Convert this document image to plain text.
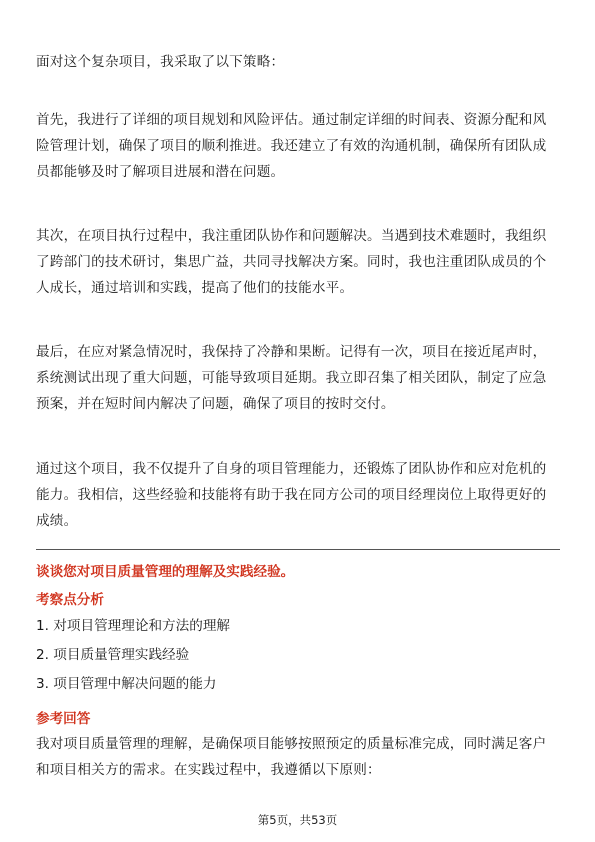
面对这个复杂项目，我采取了以下策略：

首先，我进行了详细的项目规划和风险评估。通过制定详细的时间表、资源分配和风险管理计划，确保了项目的顺利推进。我还建立了有效的沟通机制，确保所有团队成员都能够及时了解项目进展和潜在问题。

其次，在项目执行过程中，我注重团队协作和问题解决。当遇到技术难题时，我组织了跨部门的技术研讨，集思广益，共同寻找解决方案。同时，我也注重团队成员的个人成长，通过培训和实践，提高了他们的技能水平。

最后，在应对紧急情况时，我保持了冷静和果断。记得有一次，项目在接近尾声时，系统测试出现了重大问题，可能导致项目延期。我立即召集了相关团队，制定了应急预案，并在短时间内解决了问题，确保了项目的按时交付。

通过这个项目，我不仅提升了自身的项目管理能力，还锻炼了团队协作和应对危机的能力。我相信，这些经验和技能将有助于我在同方公司的项目经理岗位上取得更好的成绩。

谈谈您对项目质量管理的理解及实践经验。

考察点分析

1. 对项目管理理论和方法的理解

2. 项目质量管理实践经验

3. 项目管理中解决问题的能力

参考回答

我对项目质量管理的理解，是确保项目能够按照预定的质量标准完成，同时满足客户和项目相关方的需求。在实践过程中，我遵循以下原则：

第5页，共53页
